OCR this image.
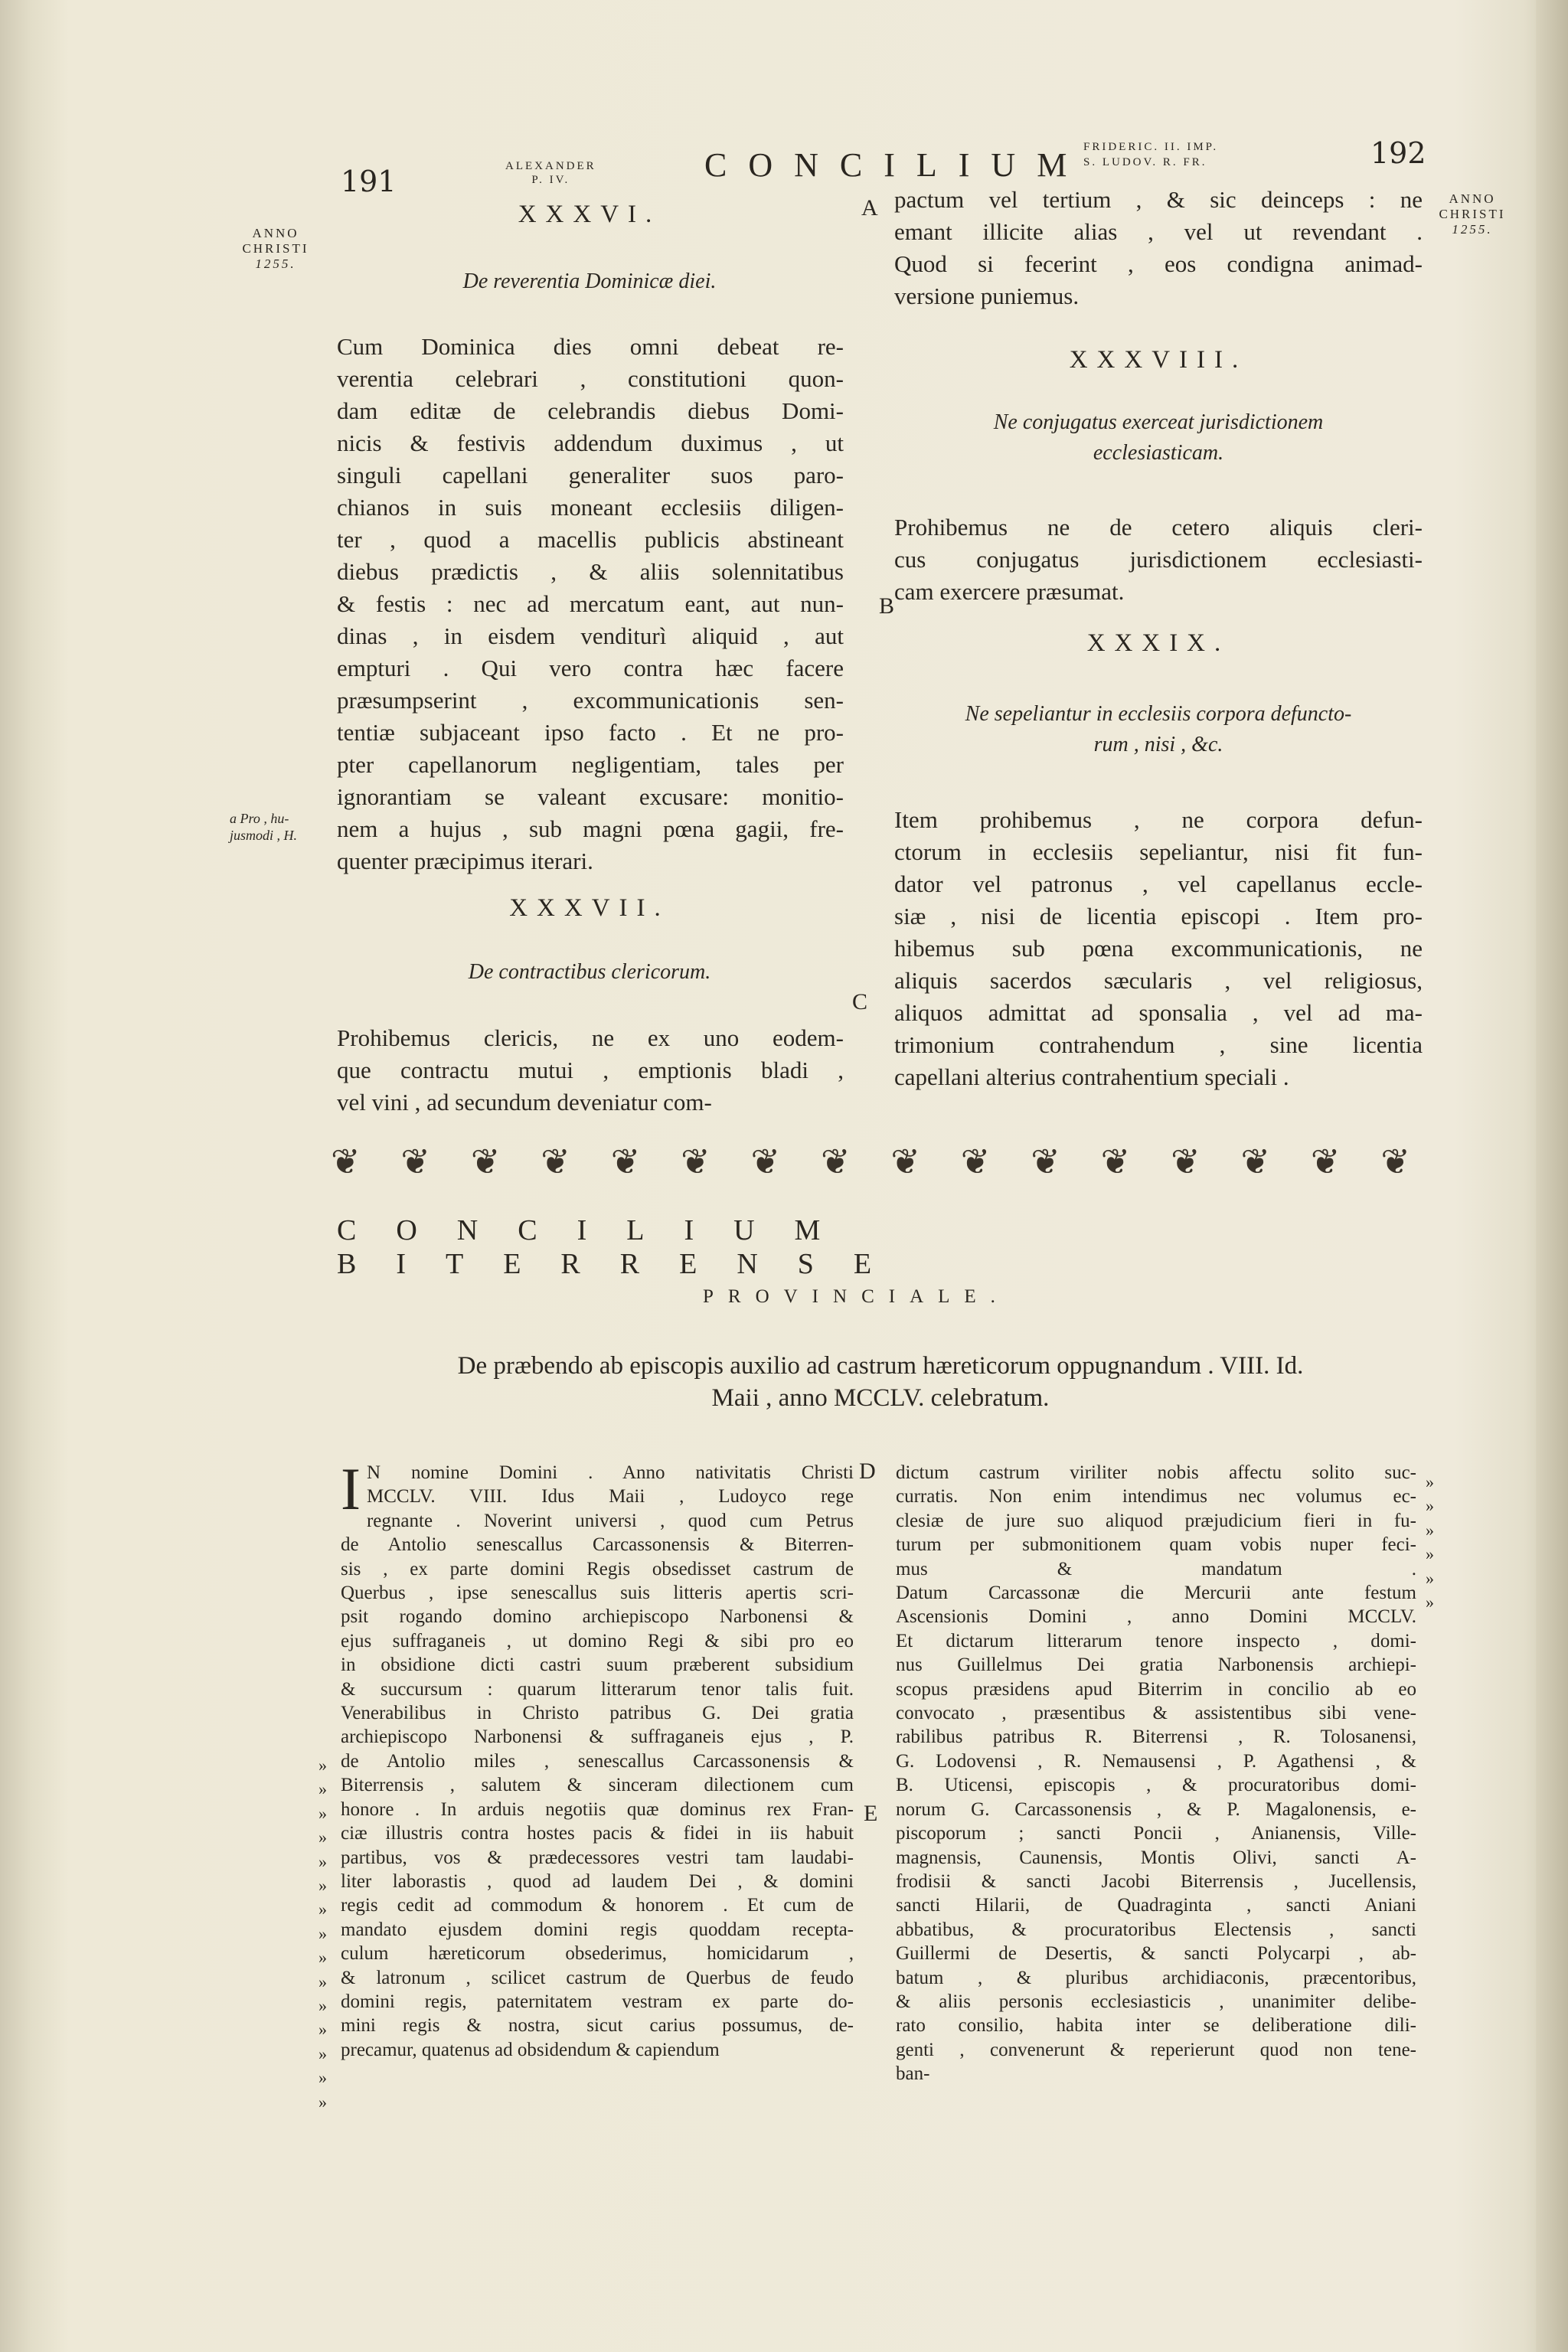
191	ALEXANDER
P. IV.	CONCILIUM
FRIDERIC. II. IMP.
S. LUDOV. R. FR.	192
ANNO
CHRISTI
1255.
ANNO
CHRISTI
1255.
a Pro , hu-
jusmodi , H.
A
B
C
D
E
XXXVI.
De reverentia Dominicæ diei.
Cum Dominica dies omni debeat re-
verentia celebrari , constitutioni quon-
dam editæ de celebrandis diebus Domi-
nicis & festivis addendum duximus , ut
singuli capellani generaliter suos paro-
chianos in suis moneant ecclesiis diligen-
ter , quod a macellis publicis abstineant
diebus prædictis , & aliis solennitatibus
& festis : nec ad mercatum eant, aut nun-
dinas , in eisdem venditurì aliquid , aut
empturi . Qui vero contra hæc facere
præsumpserint , excommunicationis sen-
tentiæ subjaceant ipso facto . Et ne pro-
pter capellanorum negligentiam, tales per
ignorantiam se valeant excusare: monitio-
nem a hujus , sub magni pœna gagii, fre-
quenter præcipimus iterari.
XXXVII.
De contractibus clericorum.
Prohibemus clericis, ne ex uno eodem-
que contractu mutui , emptionis bladi ,
vel vini , ad secundum deveniatur com-
pactum vel tertium , & sic deinceps : ne
emant illicite alias , vel ut revendant .
Quod si fecerint , eos condigna animad-
versione puniemus.
XXXVIII.
Ne conjugatus exerceat jurisdictionem
ecclesiasticam.
Prohibemus ne de cetero aliquis cleri-
cus conjugatus jurisdictionem ecclesiasti-
cam exercere præsumat.
XXXIX.
Ne sepeliantur in ecclesiis corpora defuncto-
rum , nisi , &c.
Item prohibemus , ne corpora defun-
ctorum in ecclesiis sepeliantur, nisi fit fun-
dator vel patronus , vel capellanus eccle-
siæ , nisi de licentia episcopi . Item pro-
hibemus sub pœna excommunicationis, ne
aliquis sacerdos sæcularis , vel religiosus,
aliquos admittat ad sponsalia , vel ad ma-
trimonium contrahendum , sine licentia
capellani alterius contrahentium speciali .
❦ ❦ ❦ ❦ ❦ ❦ ❦ ❦ ❦ ❦ ❦ ❦ ❦ ❦ ❦ ❦
CONCILIUM BITERRENSE
PROVINCIALE.
De præbendo ab episcopis auxilio ad castrum hæreticorum oppugnandum . VIII. Id.
Maii , anno MCCLV. celebratum.
»
»
»
»
»
»
»
»
»
»
»
»
»
»
»
I N nomine Domini . Anno nativitatis Christi
MCCLV. VIII. Idus Maii , Ludoyco rege
regnante . Noverint universi , quod cum Petrus
de Antolio senescallus Carcassonensis & Biterren-
sis , ex parte domini Regis obsedisset castrum de
Querbus , ipse senescallus suis litteris apertis scri-
psit rogando domino archiepiscopo Narbonensi &
ejus suffraganeis , ut domino Regi & sibi pro eo
in obsidione dicti castri suum præberent subsidium
& succursum : quarum litterarum tenor talis fuit.
Venerabilibus in Christo patribus G. Dei gratia
archiepiscopo Narbonensi & suffraganeis ejus , P.
de Antolio miles , senescallus Carcassonensis &
Biterrensis , salutem & sinceram dilectionem cum
honore . In arduis negotiis quæ dominus rex Fran-
ciæ illustris contra hostes pacis & fidei in iis habuit
partibus, vos & prædecessores vestri tam laudabi-
liter laborastis , quod ad laudem Dei , & domini
regis cedit ad commodum & honorem . Et cum de
mandato ejusdem domini regis quoddam recepta-
culum hæreticorum obsederimus, homicidarum ,
& latronum , scilicet castrum de Querbus de feudo
domini regis, paternitatem vestram ex parte do-
mini regis & nostra, sicut carius possumus, de-
precamur, quatenus ad obsidendum & capiendum
dictum castrum viriliter nobis affectu solito suc-
curratis. Non enim intendimus nec volumus ec-
clesiæ de jure suo aliquod præjudicium fieri in fu-
turum per submonitionem quam vobis nuper feci-
mus & mandatum .
Datum Carcassonæ die Mercurii ante festum
Ascensionis Domini , anno Domini MCCLV.
Et dictarum litterarum tenore inspecto , domi-
nus Guillelmus Dei gratia Narbonensis archiepi-
scopus præsidens apud Biterrim in concilio ab eo
convocato , præsentibus & assistentibus sibi vene-
rabilibus patribus R. Biterrensi , R. Tolosanensi,
G. Lodovensi , R. Nemausensi , P. Agathensi , &
B. Uticensi, episcopis , & procuratoribus domi-
norum G. Carcassonensis , & P. Magalonensis, e-
piscoporum ; sancti Poncii , Anianensis, Ville-
magnensis, Caunensis, Montis Olivi, sancti A-
frodisii & sancti Jacobi Biterrensis , Jucellensis,
sancti Hilarii, de Quadraginta , sancti Aniani
abbatibus, & procuratoribus Electensis , sancti
Guillermi de Desertis, & sancti Polycarpi , ab-
batum , & pluribus archidiaconis, præcentoribus,
& aliis personis ecclesiasticis , unanimiter delibe-
rato consilio, habita inter se deliberatione dili-
genti , convenerunt & reperierunt quod non tene-
ban-
»
»
»
»
»
»
